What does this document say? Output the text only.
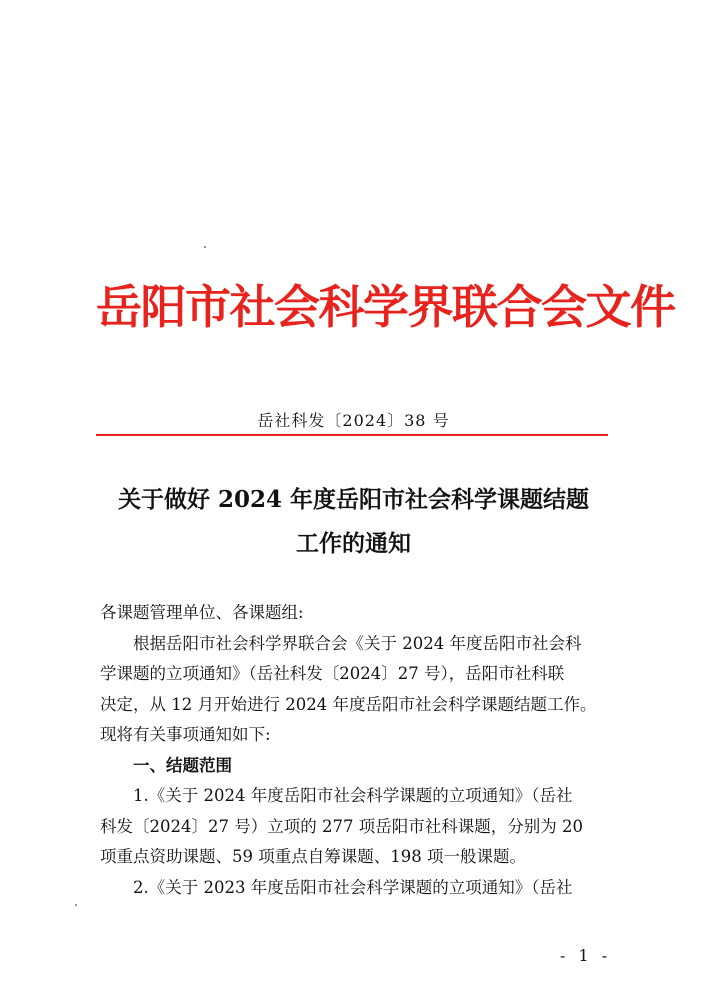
岳阳市社会科学界联合会文件
岳社科发〔2024〕38 号
关于做好 2024 年度岳阳市社会科学课题结题
工作的通知

各课题管理单位、各课题组:

根据岳阳市社会科学界联合会《关于 2024 年度岳阳市社会科

学课题的立项通知》（岳社科发〔2024〕27 号），岳阳市社科联

决定，从 12 月开始进行 2024 年度岳阳市社会科学课题结题工作。

现将有关事项通知如下:

一、结题范围

1.《关于 2024 年度岳阳市社会科学课题的立项通知》（岳社

科发〔2024〕27 号）立项的 277 项岳阳市社科课题，分别为 20

项重点资助课题、59 项重点自筹课题、198 项一般课题。

2.《关于 2023 年度岳阳市社会科学课题的立项通知》（岳社

- 1 -
